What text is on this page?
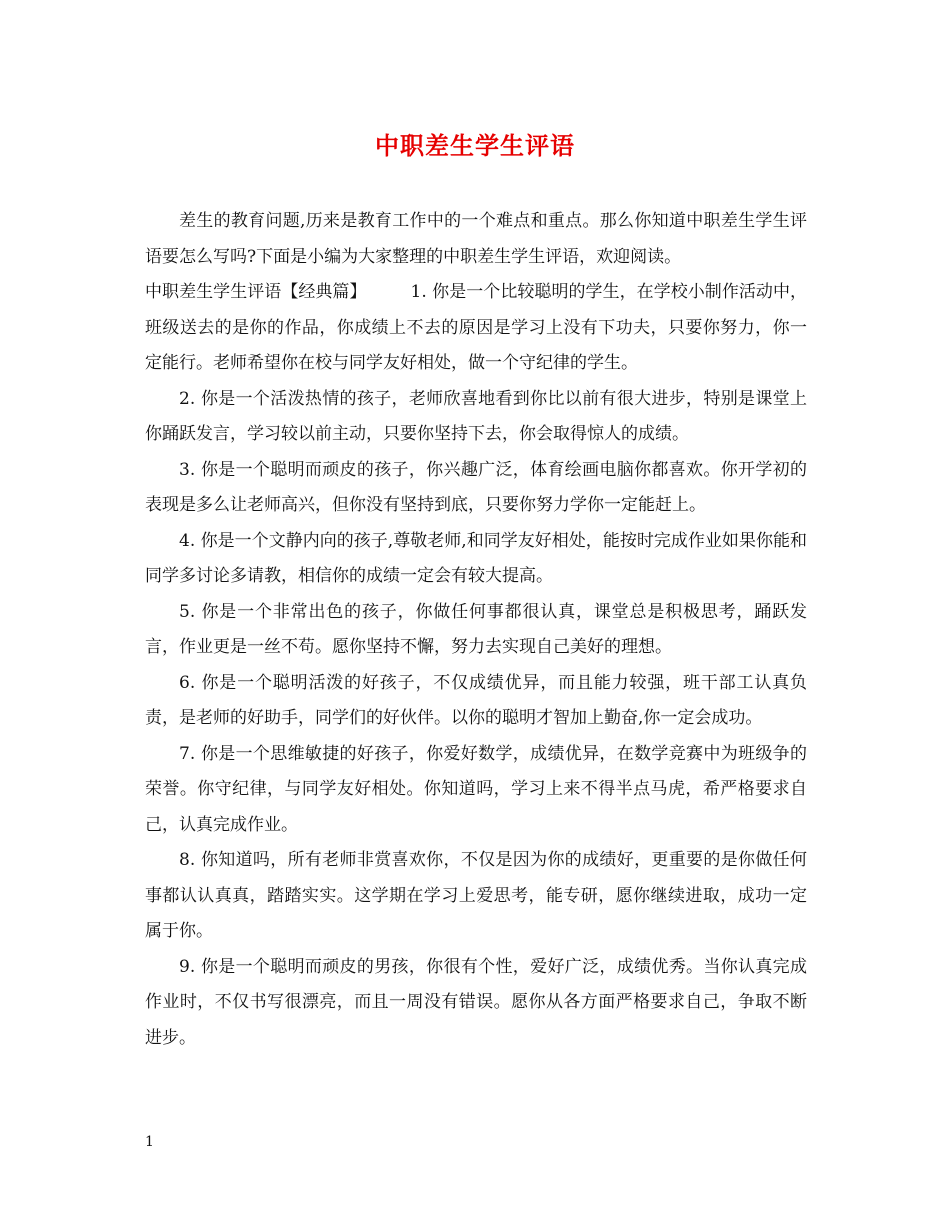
中职差生学生评语

差生的教育问题,历来是教育工作中的一个难点和重点。那么你知道中职差生学生评语要怎么写吗?下面是小编为大家整理的中职差生学生评语，欢迎阅读。

中职差生学生评语【经典篇】	1. 你是一个比较聪明的学生，在学校小制作活动中，班级送去的是你的作品，你成绩上不去的原因是学习上没有下功夫，只要你努力，你一定能行。老师希望你在校与同学友好相处，做一个守纪律的学生。

2. 你是一个活泼热情的孩子，老师欣喜地看到你比以前有很大进步，特别是课堂上你踊跃发言，学习较以前主动，只要你坚持下去，你会取得惊人的成绩。

3. 你是一个聪明而顽皮的孩子，你兴趣广泛，体育绘画电脑你都喜欢。你开学初的表现是多么让老师高兴，但你没有坚持到底，只要你努力学你一定能赶上。

4. 你是一个文静内向的孩子,尊敬老师,和同学友好相处，能按时完成作业如果你能和同学多讨论多请教，相信你的成绩一定会有较大提高。

5. 你是一个非常出色的孩子，你做任何事都很认真，课堂总是积极思考，踊跃发言，作业更是一丝不苟。愿你坚持不懈，努力去实现自己美好的理想。

6. 你是一个聪明活泼的好孩子，不仅成绩优异，而且能力较强，班干部工认真负责，是老师的好助手，同学们的好伙伴。以你的聪明才智加上勤奋,你一定会成功。

7. 你是一个思维敏捷的好孩子，你爱好数学，成绩优异，在数学竞赛中为班级争的荣誉。你守纪律，与同学友好相处。你知道吗，学习上来不得半点马虎，希严格要求自己，认真完成作业。

8. 你知道吗，所有老师非赏喜欢你，不仅是因为你的成绩好，更重要的是你做任何事都认认真真，踏踏实实。这学期在学习上爱思考，能专研，愿你继续进取，成功一定属于你。

9. 你是一个聪明而顽皮的男孩，你很有个性，爱好广泛，成绩优秀。当你认真完成作业时，不仅书写很漂亮，而且一周没有错误。愿你从各方面严格要求自己，争取不断进步。

1
